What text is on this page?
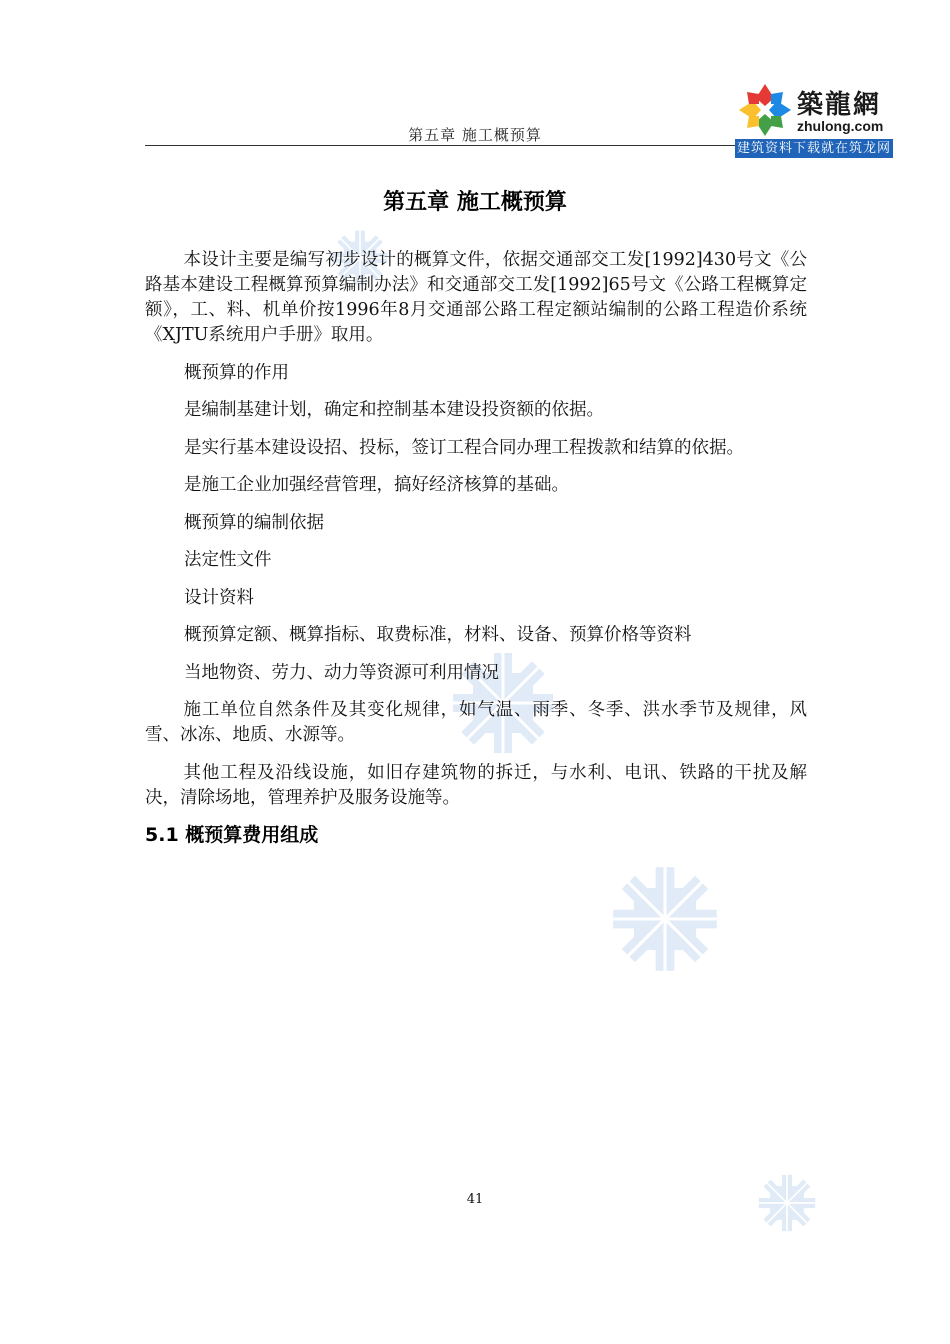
第五章 施工概预算
築龍網
zhulong.com
建筑资料下载就在筑龙网
第五章 施工概预算

本设计主要是编写初步设计的概算文件，依据交通部交工发[1992]430号文《公路基本建设工程概算预算编制办法》和交通部交工发[1992]65号文《公路工程概算定额》，工、料、机单价按1996年8月交通部公路工程定额站编制的公路工程造价系统《XJTU系统用户手册》取用。

概预算的作用

是编制基建计划，确定和控制基本建设投资额的依据。

是实行基本建设设招、投标，签订工程合同办理工程拨款和结算的依据。

是施工企业加强经营管理，搞好经济核算的基础。

概预算的编制依据

法定性文件

设计资料

概预算定额、概算指标、取费标准，材料、设备、预算价格等资料

当地物资、劳力、动力等资源可利用情况

施工单位自然条件及其变化规律，如气温、雨季、冬季、洪水季节及规律，风雪、冰冻、地质、水源等。

其他工程及沿线设施，如旧存建筑物的拆迁，与水利、电讯、铁路的干扰及解决，清除场地，管理养护及服务设施等。

5.1 概预算费用组成
41
